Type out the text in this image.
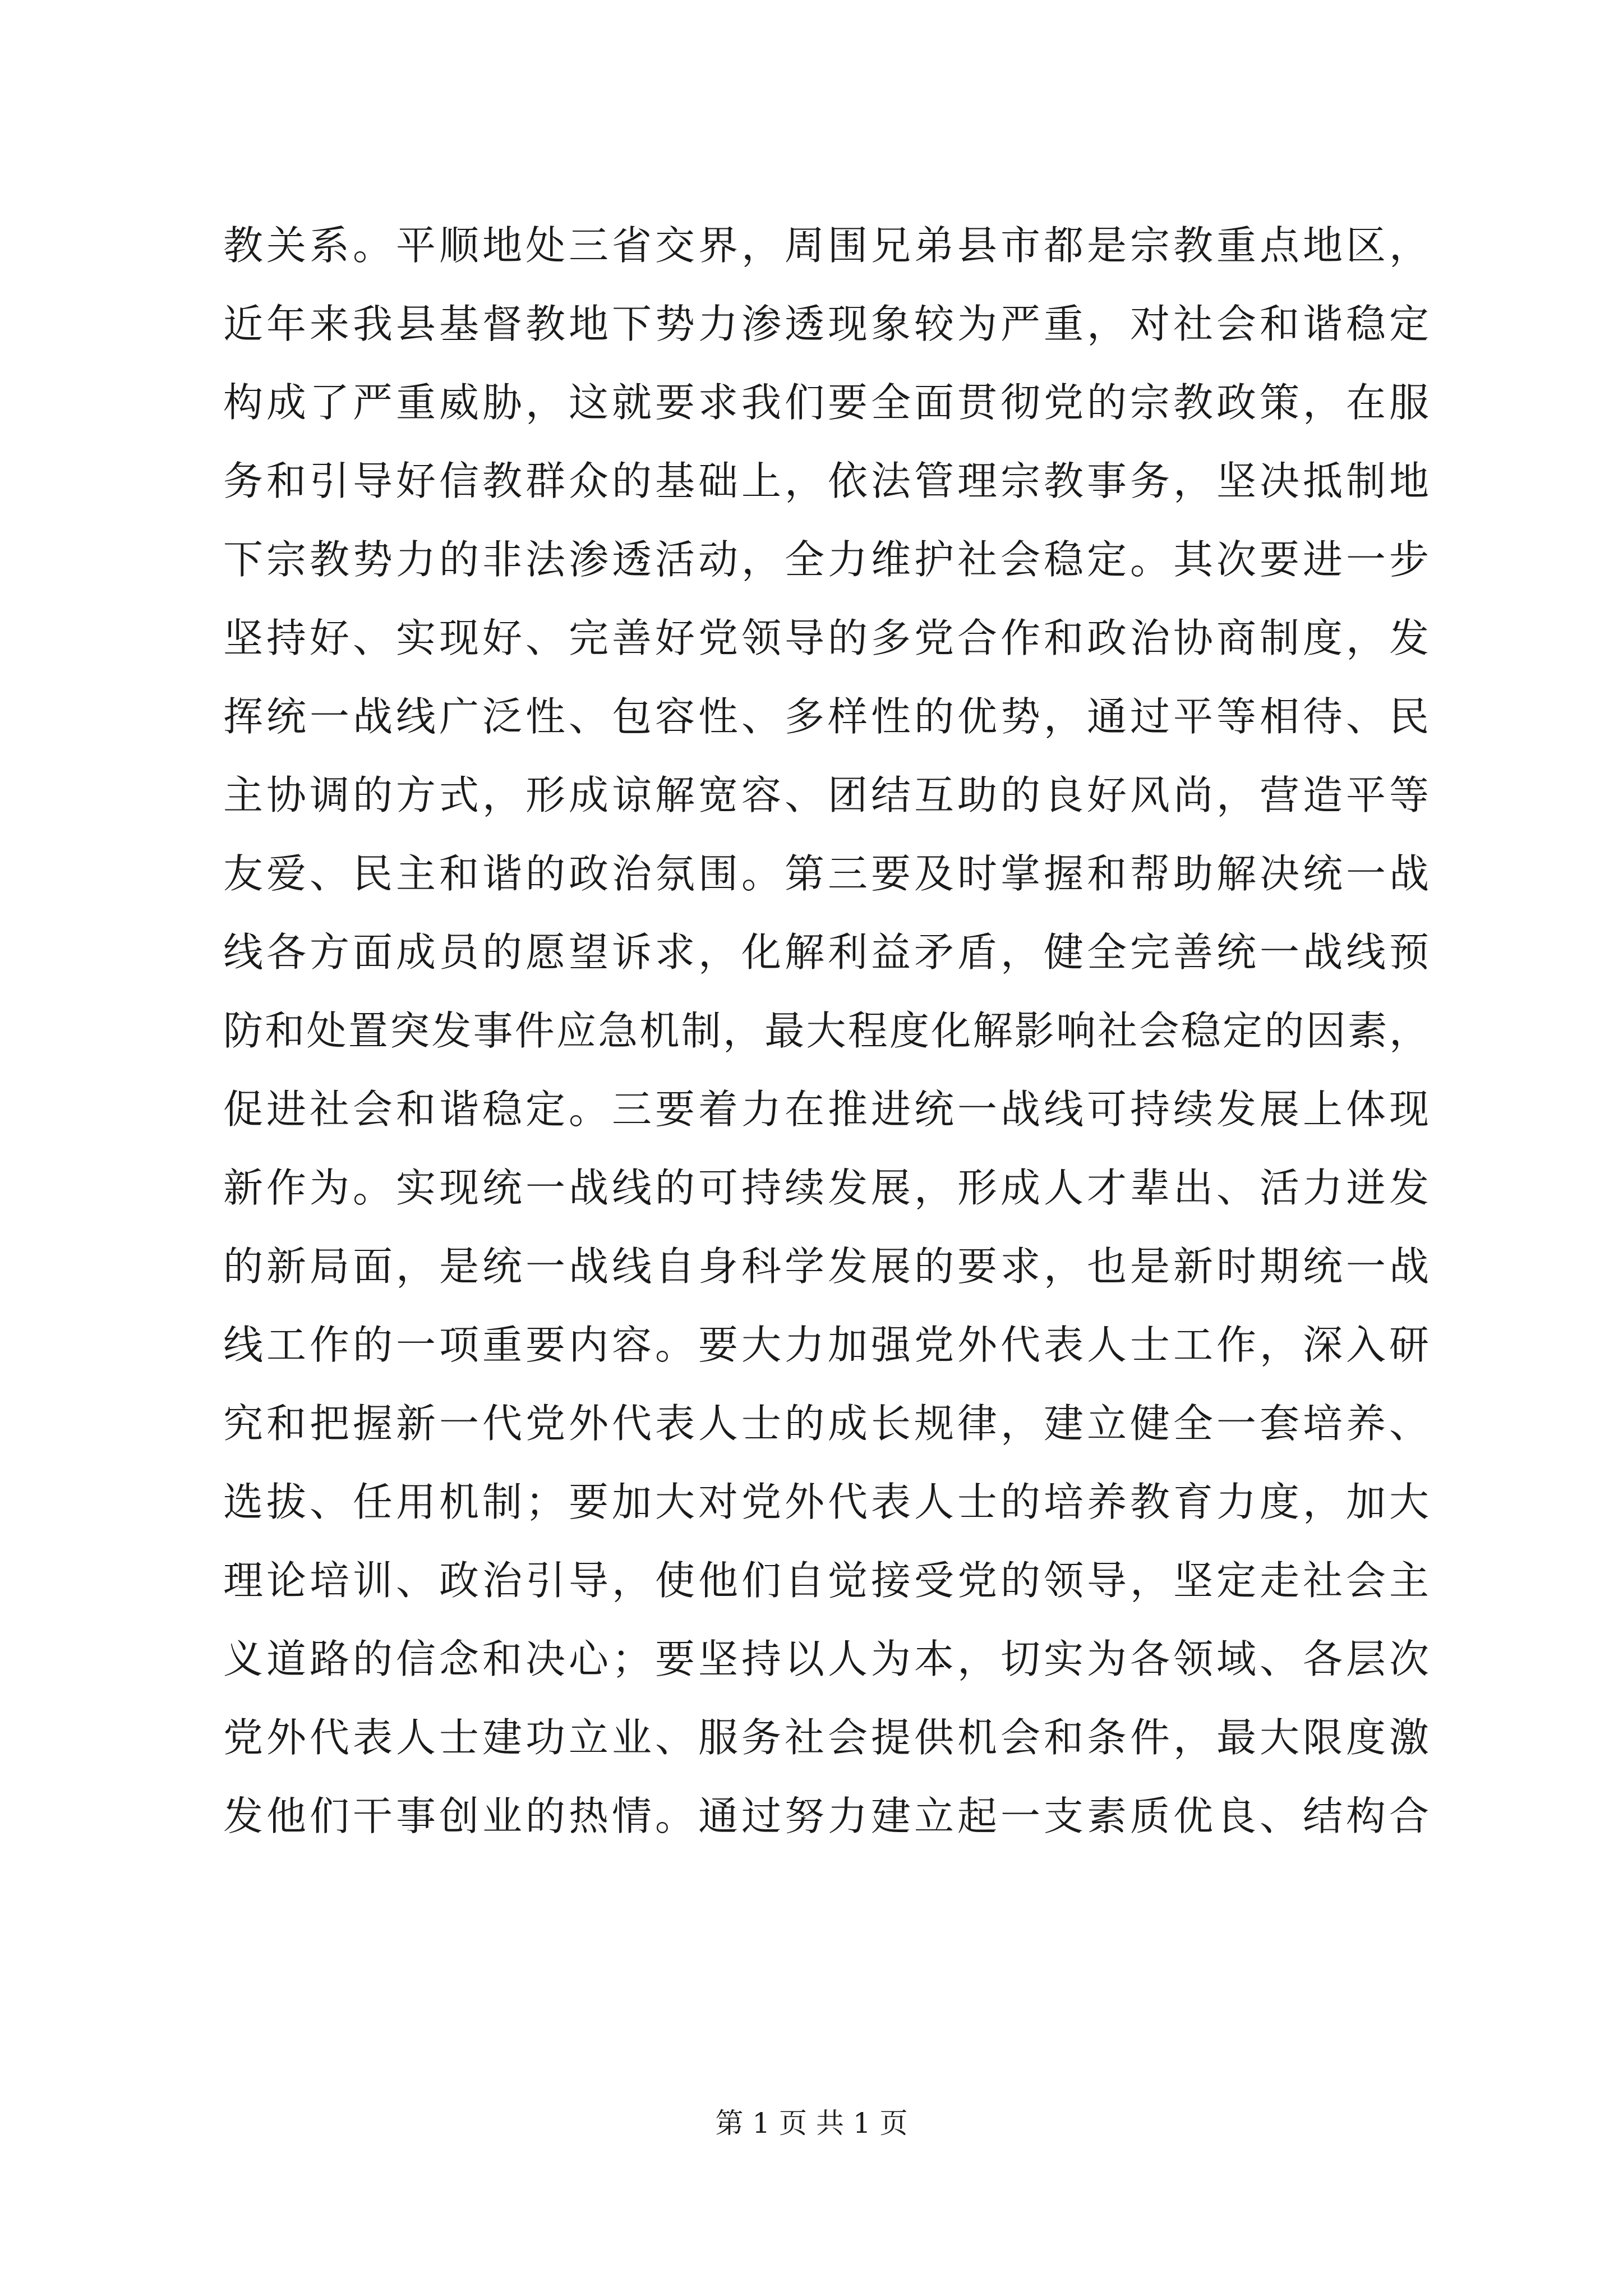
教关系。平顺地处三省交界，周围兄弟县市都是宗教重点地区，
近年来我县基督教地下势力渗透现象较为严重，对社会和谐稳定
构成了严重威胁，这就要求我们要全面贯彻党的宗教政策，在服
务和引导好信教群众的基础上，依法管理宗教事务，坚决抵制地
下宗教势力的非法渗透活动，全力维护社会稳定。其次要进一步
坚持好、实现好、完善好党领导的多党合作和政治协商制度，发
挥统一战线广泛性、包容性、多样性的优势，通过平等相待、民
主协调的方式，形成谅解宽容、团结互助的良好风尚，营造平等
友爱、民主和谐的政治氛围。第三要及时掌握和帮助解决统一战
线各方面成员的愿望诉求，化解利益矛盾，健全完善统一战线预
防和处置突发事件应急机制，最大程度化解影响社会稳定的因素，
促进社会和谐稳定。三要着力在推进统一战线可持续发展上体现
新作为。实现统一战线的可持续发展，形成人才辈出、活力迸发
的新局面，是统一战线自身科学发展的要求，也是新时期统一战
线工作的一项重要内容。要大力加强党外代表人士工作，深入研
究和把握新一代党外代表人士的成长规律，建立健全一套培养、
选拔、任用机制；要加大对党外代表人士的培养教育力度，加大
理论培训、政治引导，使他们自觉接受党的领导，坚定走社会主
义道路的信念和决心；要坚持以人为本，切实为各领域、各层次
党外代表人士建功立业、服务社会提供机会和条件，最大限度激
发他们干事创业的热情。通过努力建立起一支素质优良、结构合
第 1 页 共 1 页
